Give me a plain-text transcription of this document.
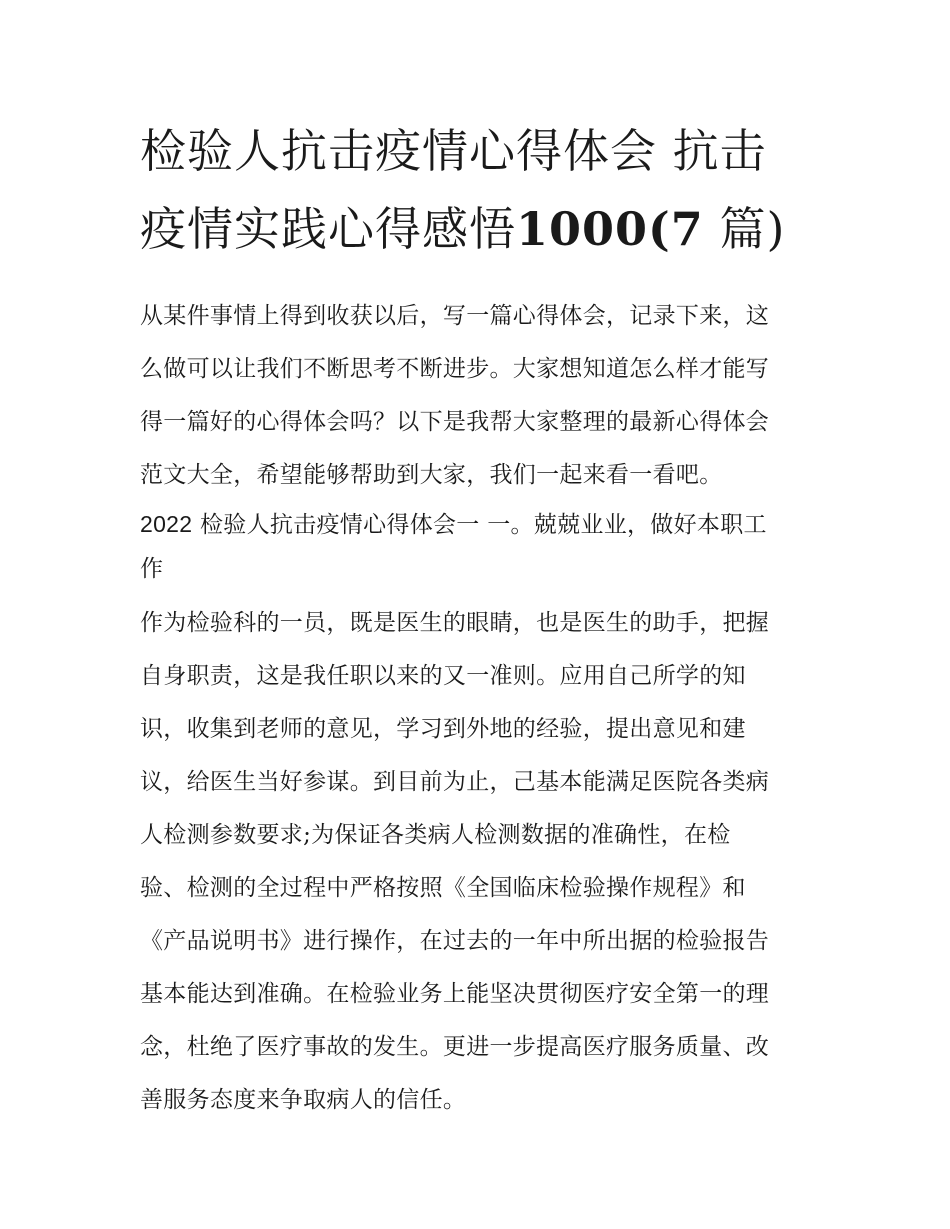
检验人抗击疫情心得体会 抗击
疫情实践心得感悟1000(7 篇)

从某件事情上得到收获以后，写一篇心得体会，记录下来，这
么做可以让我们不断思考不断进步。大家想知道怎么样才能写
得一篇好的心得体会吗？以下是我帮大家整理的最新心得体会
范文大全，希望能够帮助到大家，我们一起来看一看吧。

2022 检验人抗击疫情心得体会一 一。兢兢业业，做好本职工
作

作为检验科的一员，既是医生的眼睛，也是医生的助手，把握
自身职责，这是我任职以来的又一准则。应用自己所学的知
识，收集到老师的意见，学习到外地的经验，提出意见和建
议，给医生当好参谋。到目前为止，己基本能满足医院各类病
人检测参数要求;为保证各类病人检测数据的准确性，在检
验、检测的全过程中严格按照《全国临床检验操作规程》和
《产品说明书》进行操作，在过去的一年中所出据的检验报告
基本能达到准确。在检验业务上能坚决贯彻医疗安全第一的理
念，杜绝了医疗事故的发生。更进一步提高医疗服务质量、改
善服务态度来争取病人的信任。
